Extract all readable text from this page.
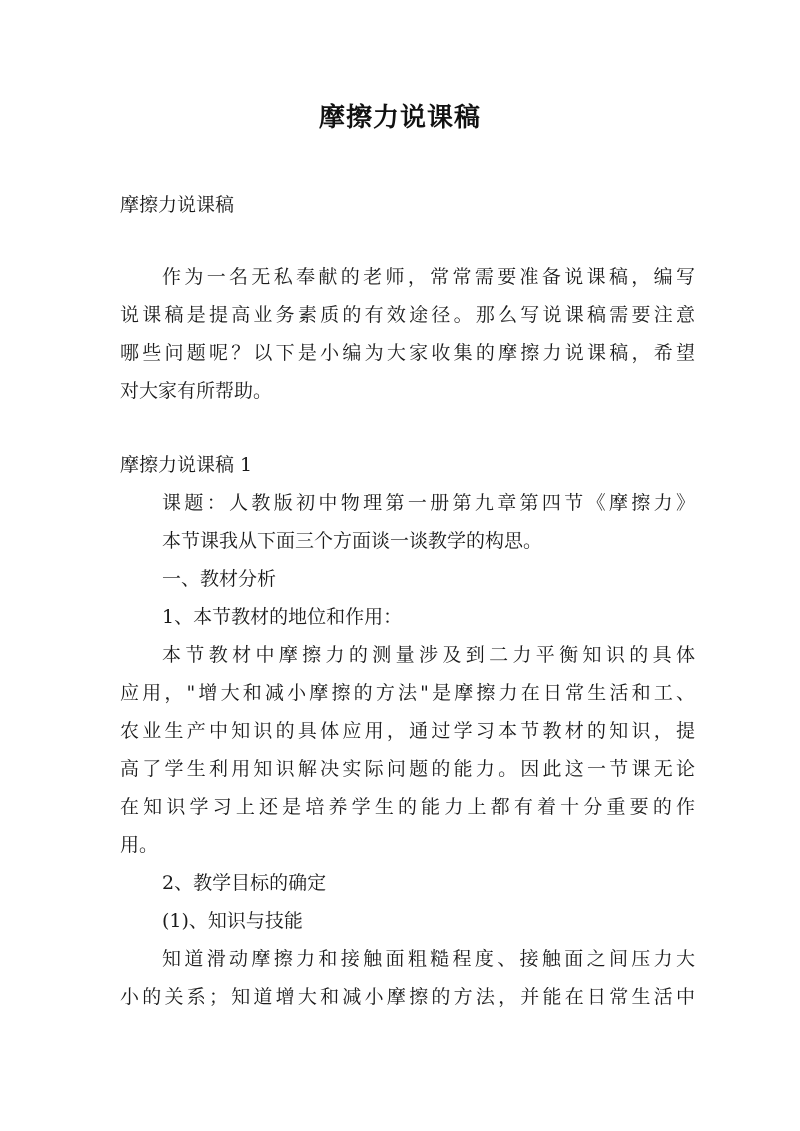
摩擦力说课稿
摩擦力说课稿
作为一名无私奉献的老师，常常需要准备说课稿，编写
说课稿是提高业务素质的有效途径。那么写说课稿需要注意
哪些问题呢？以下是小编为大家收集的摩擦力说课稿，希望
对大家有所帮助。
摩擦力说课稿 1
课题：人教版初中物理第一册第九章第四节《摩擦力》
本节课我从下面三个方面谈一谈教学的构思。
一、教材分析
1、本节教材的地位和作用：
本节教材中摩擦力的测量涉及到二力平衡知识的具体
应用，"增大和减小摩擦的方法"是摩擦力在日常生活和工、
农业生产中知识的具体应用，通过学习本节教材的知识，提
高了学生利用知识解决实际问题的能力。因此这一节课无论
在知识学习上还是培养学生的能力上都有着十分重要的作
用。
2、教学目标的确定
(1)、知识与技能
知道滑动摩擦力和接触面粗糙程度、接触面之间压力大
小的关系；知道增大和减小摩擦的方法，并能在日常生活中
